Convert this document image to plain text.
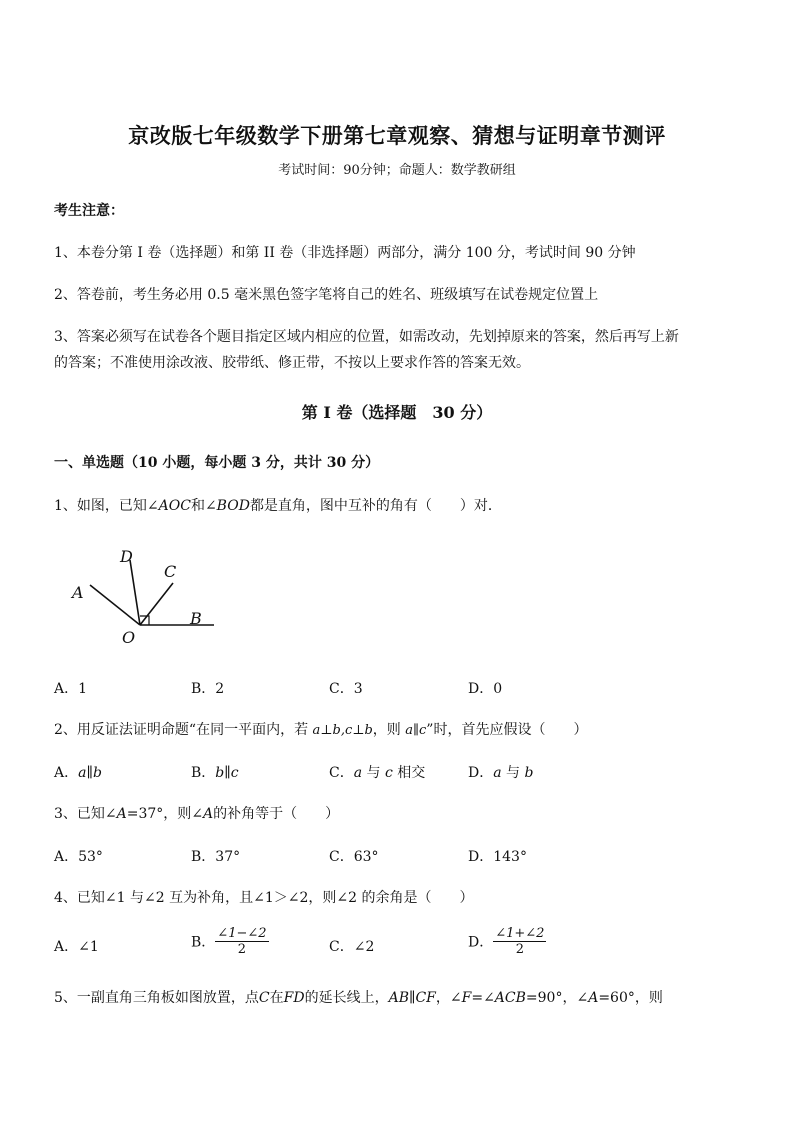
京改版七年级数学下册第七章观察、猜想与证明章节测评
考试时间：90分钟；命题人：数学教研组
考生注意：
1、本卷分第 I 卷（选择题）和第 II 卷（非选择题）两部分，满分 100 分，考试时间 90 分钟
2、答卷前，考生务必用 0.5 毫米黑色签字笔将自己的姓名、班级填写在试卷规定位置上
3、答案必须写在试卷各个题目指定区域内相应的位置，如需改动，先划掉原来的答案，然后再写上新
的答案；不准使用涂改液、胶带纸、修正带，不按以上要求作答的答案无效。
第 I 卷（选择题　30 分）
一、单选题（10 小题，每小题 3 分，共计 30 分）
1、如图，已知∠AOC和∠BOD都是直角，图中互补的角有（　　）对．
D
C
A
B
O
A．1	B．2	C．3	D．0
2、用反证法证明命题“在同一平面内，若 a⊥b,c⊥b，则 a∥c”时，首先应假设（　　）
A．a∥b	B．b∥c	C．a 与 c 相交	D．a 与 b
3、已知∠A=37°，则∠A的补角等于（　　）
A．53°	B．37°	C．63°	D．143°
4、已知∠1 与∠2 互为补角，且∠1＞∠2，则∠2 的余角是（　　）
A．∠1	B． $\frac{\angle 1-\angle 2}{2}$	C．∠2	D． $\frac{\angle 1+\angle 2}{2}$
5、一副直角三角板如图放置，点C在FD的延长线上，AB∥CF，∠F=∠ACB=90°，∠A=60°，则
